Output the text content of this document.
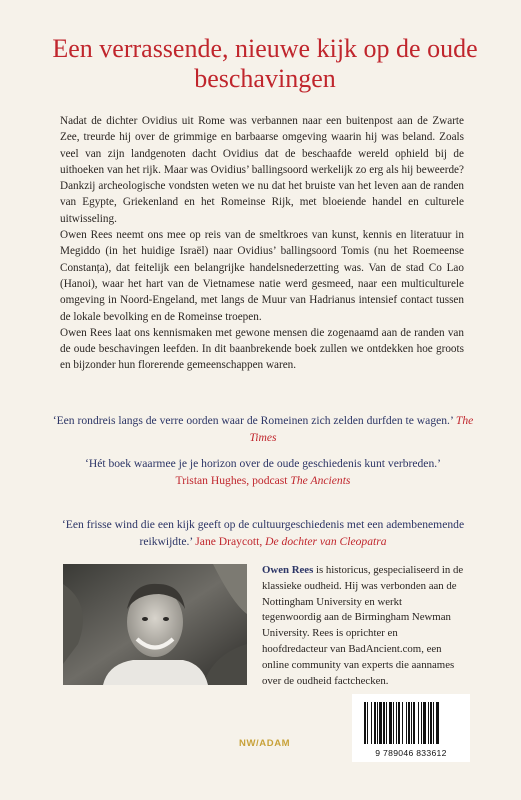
Een verrassende, nieuwe kijk op de oude beschavingen

Nadat de dichter Ovidius uit Rome was verbannen naar een buitenpost aan de Zwarte Zee, treurde hij over de grimmige en barbaarse omgeving waarin hij was beland. Zoals veel van zijn landgenoten dacht Ovidius dat de beschaafde wereld ophield bij de uithoeken van het rijk. Maar was Ovidius’ ballingsoord werkelijk zo erg als hij beweerde? Dankzij archeologische vondsten weten we nu dat het bruiste van het leven aan de randen van Egypte, Griekenland en het Romeinse Rijk, met bloeiende handel en culturele uitwisseling.

Owen Rees neemt ons mee op reis van de smeltkroes van kunst, kennis en literatuur in Megiddo (in het huidige Israël) naar Ovidius’ ballingsoord Tomis (nu het Roemeense Constanța), dat feitelijk een belangrijke handelsnederzetting was. Van de stad Co Lao (Hanoi), waar het hart van de Vietnamese natie werd gesmeed, naar een multiculturele omgeving in Noord-Engeland, met langs de Muur van Hadrianus intensief contact tussen de lokale bevolking en de Romeinse troepen.

Owen Rees laat ons kennismaken met gewone mensen die zogenaamd aan de randen van de oude beschavingen leefden. In dit baanbrekende boek zullen we ontdekken hoe groots en bijzonder hun florerende gemeenschappen waren.

‘Een rondreis langs de verre oorden waar de Romeinen zich zelden durfden te wagen.’ The Times
‘Hét boek waarmee je je horizon over de oude geschiedenis kunt verbreden.’
Tristan Hughes, podcast The Ancients
‘Een frisse wind die een kijk geeft op de cultuurgeschiedenis met een adembenemende reikwijdte.’ Jane Draycott, De dochter van Cleopatra

Owen Rees is historicus, gespecialiseerd in de klassieke oudheid. Hij was verbonden aan de Nottingham University en werkt tegenwoordig aan de Birmingham Newman University. Rees is oprichter en hoofdredacteur van BadAncient.com, een online community van experts die aannames over de oudheid factchecken.

NW/ADAM
9 789046 833612
